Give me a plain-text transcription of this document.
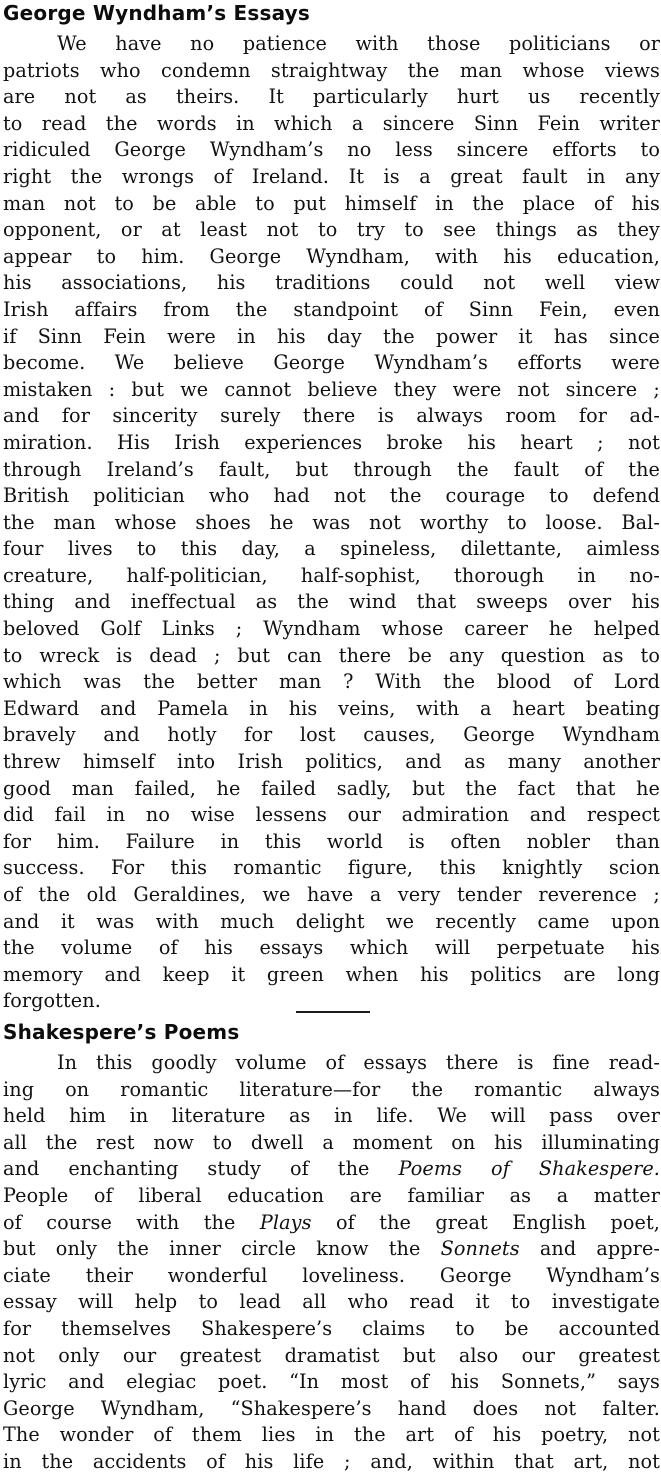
George Wyndham’s Essays
We have no patience with those politicians or
patriots who condemn straightway the man whose views
are not as theirs. It particularly hurt us recently
to read the words in which a sincere Sinn Fein writer
ridiculed George Wyndham’s no less sincere efforts to
right the wrongs of Ireland. It is a great fault in any
man not to be able to put himself in the place of his
opponent, or at least not to try to see things as they
appear to him. George Wyndham, with his education,
his associations, his traditions could not well view
Irish affairs from the standpoint of Sinn Fein, even
if Sinn Fein were in his day the power it has since
become. We believe George Wyndham’s efforts were
mistaken : but we cannot believe they were not sincere ;
and for sincerity surely there is always room for ad-
miration. His Irish experiences broke his heart ; not
through Ireland’s fault, but through the fault of the
British politician who had not the courage to defend
the man whose shoes he was not worthy to loose. Bal-
four lives to this day, a spineless, dilettante, aimless
creature, half-politician, half-sophist, thorough in no-
thing and ineffectual as the wind that sweeps over his
beloved Golf Links ; Wyndham whose career he helped
to wreck is dead ; but can there be any question as to
which was the better man ? With the blood of Lord
Edward and Pamela in his veins, with a heart beating
bravely and hotly for lost causes, George Wyndham
threw himself into Irish politics, and as many another
good man failed, he failed sadly, but the fact that he
did fail in no wise lessens our admiration and respect
for him. Failure in this world is often nobler than
success. For this romantic figure, this knightly scion
of the old Geraldines, we have a very tender reverence ;
and it was with much delight we recently came upon
the volume of his essays which will perpetuate his
memory and keep it green when his politics are long
forgotten.
Shakespere’s Poems
In this goodly volume of essays there is fine read-
ing on romantic literature—for the romantic always
held him in literature as in life. We will pass over
all the rest now to dwell a moment on his illuminating
and enchanting study of the Poems of Shakespere.
People of liberal education are familiar as a matter
of course with the Plays of the great English poet,
but only the inner circle know the Sonnets and appre-
ciate their wonderful loveliness. George Wyndham’s
essay will help to lead all who read it to investigate
for themselves Shakespere’s claims to be accounted
not only our greatest dramatist but also our greatest
lyric and elegiac poet. “In most of his Sonnets,” says
George Wyndham, “Shakespere’s hand does not falter.
The wonder of them lies in the art of his poetry, not
in the accidents of his life ; and, within that art, not
